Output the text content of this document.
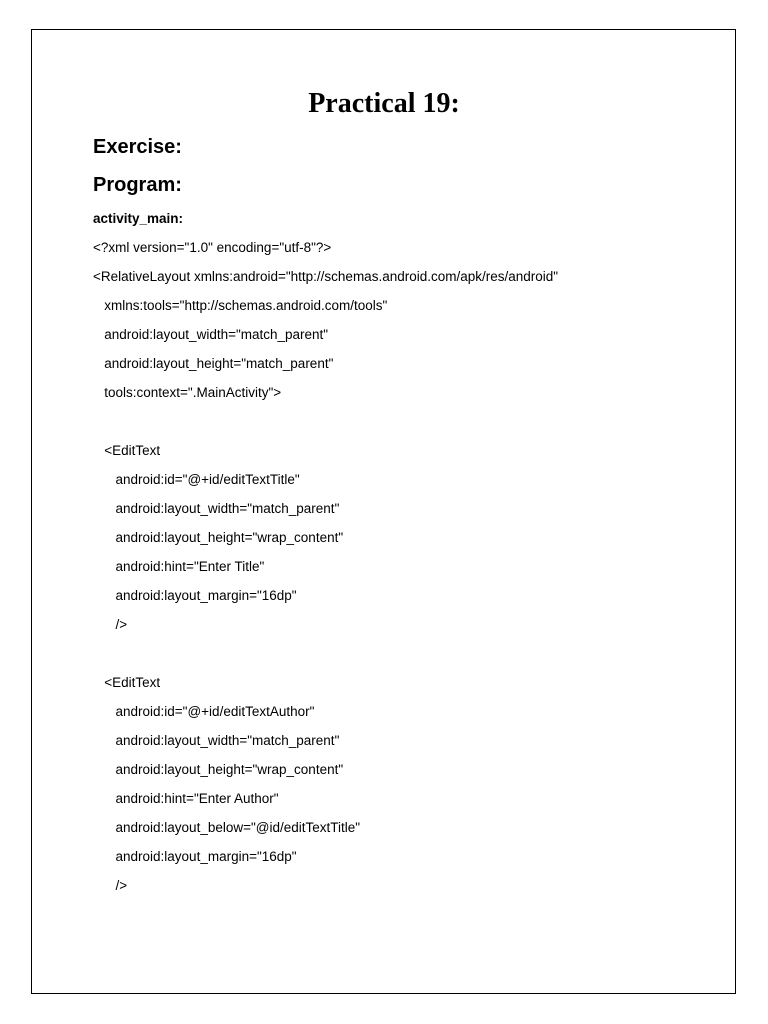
Practical 19:
Exercise:
Program:
activity_main:
<?xml version="1.0" encoding="utf-8"?>
<RelativeLayout xmlns:android="http://schemas.android.com/apk/res/android"
xmlns:tools="http://schemas.android.com/tools"
android:layout_width="match_parent"
android:layout_height="match_parent"
tools:context=".MainActivity">
<EditText
android:id="@+id/editTextTitle"
android:layout_width="match_parent"
android:layout_height="wrap_content"
android:hint="Enter Title"
android:layout_margin="16dp"
/>
<EditText
android:id="@+id/editTextAuthor"
android:layout_width="match_parent"
android:layout_height="wrap_content"
android:hint="Enter Author"
android:layout_below="@id/editTextTitle"
android:layout_margin="16dp"
/>
